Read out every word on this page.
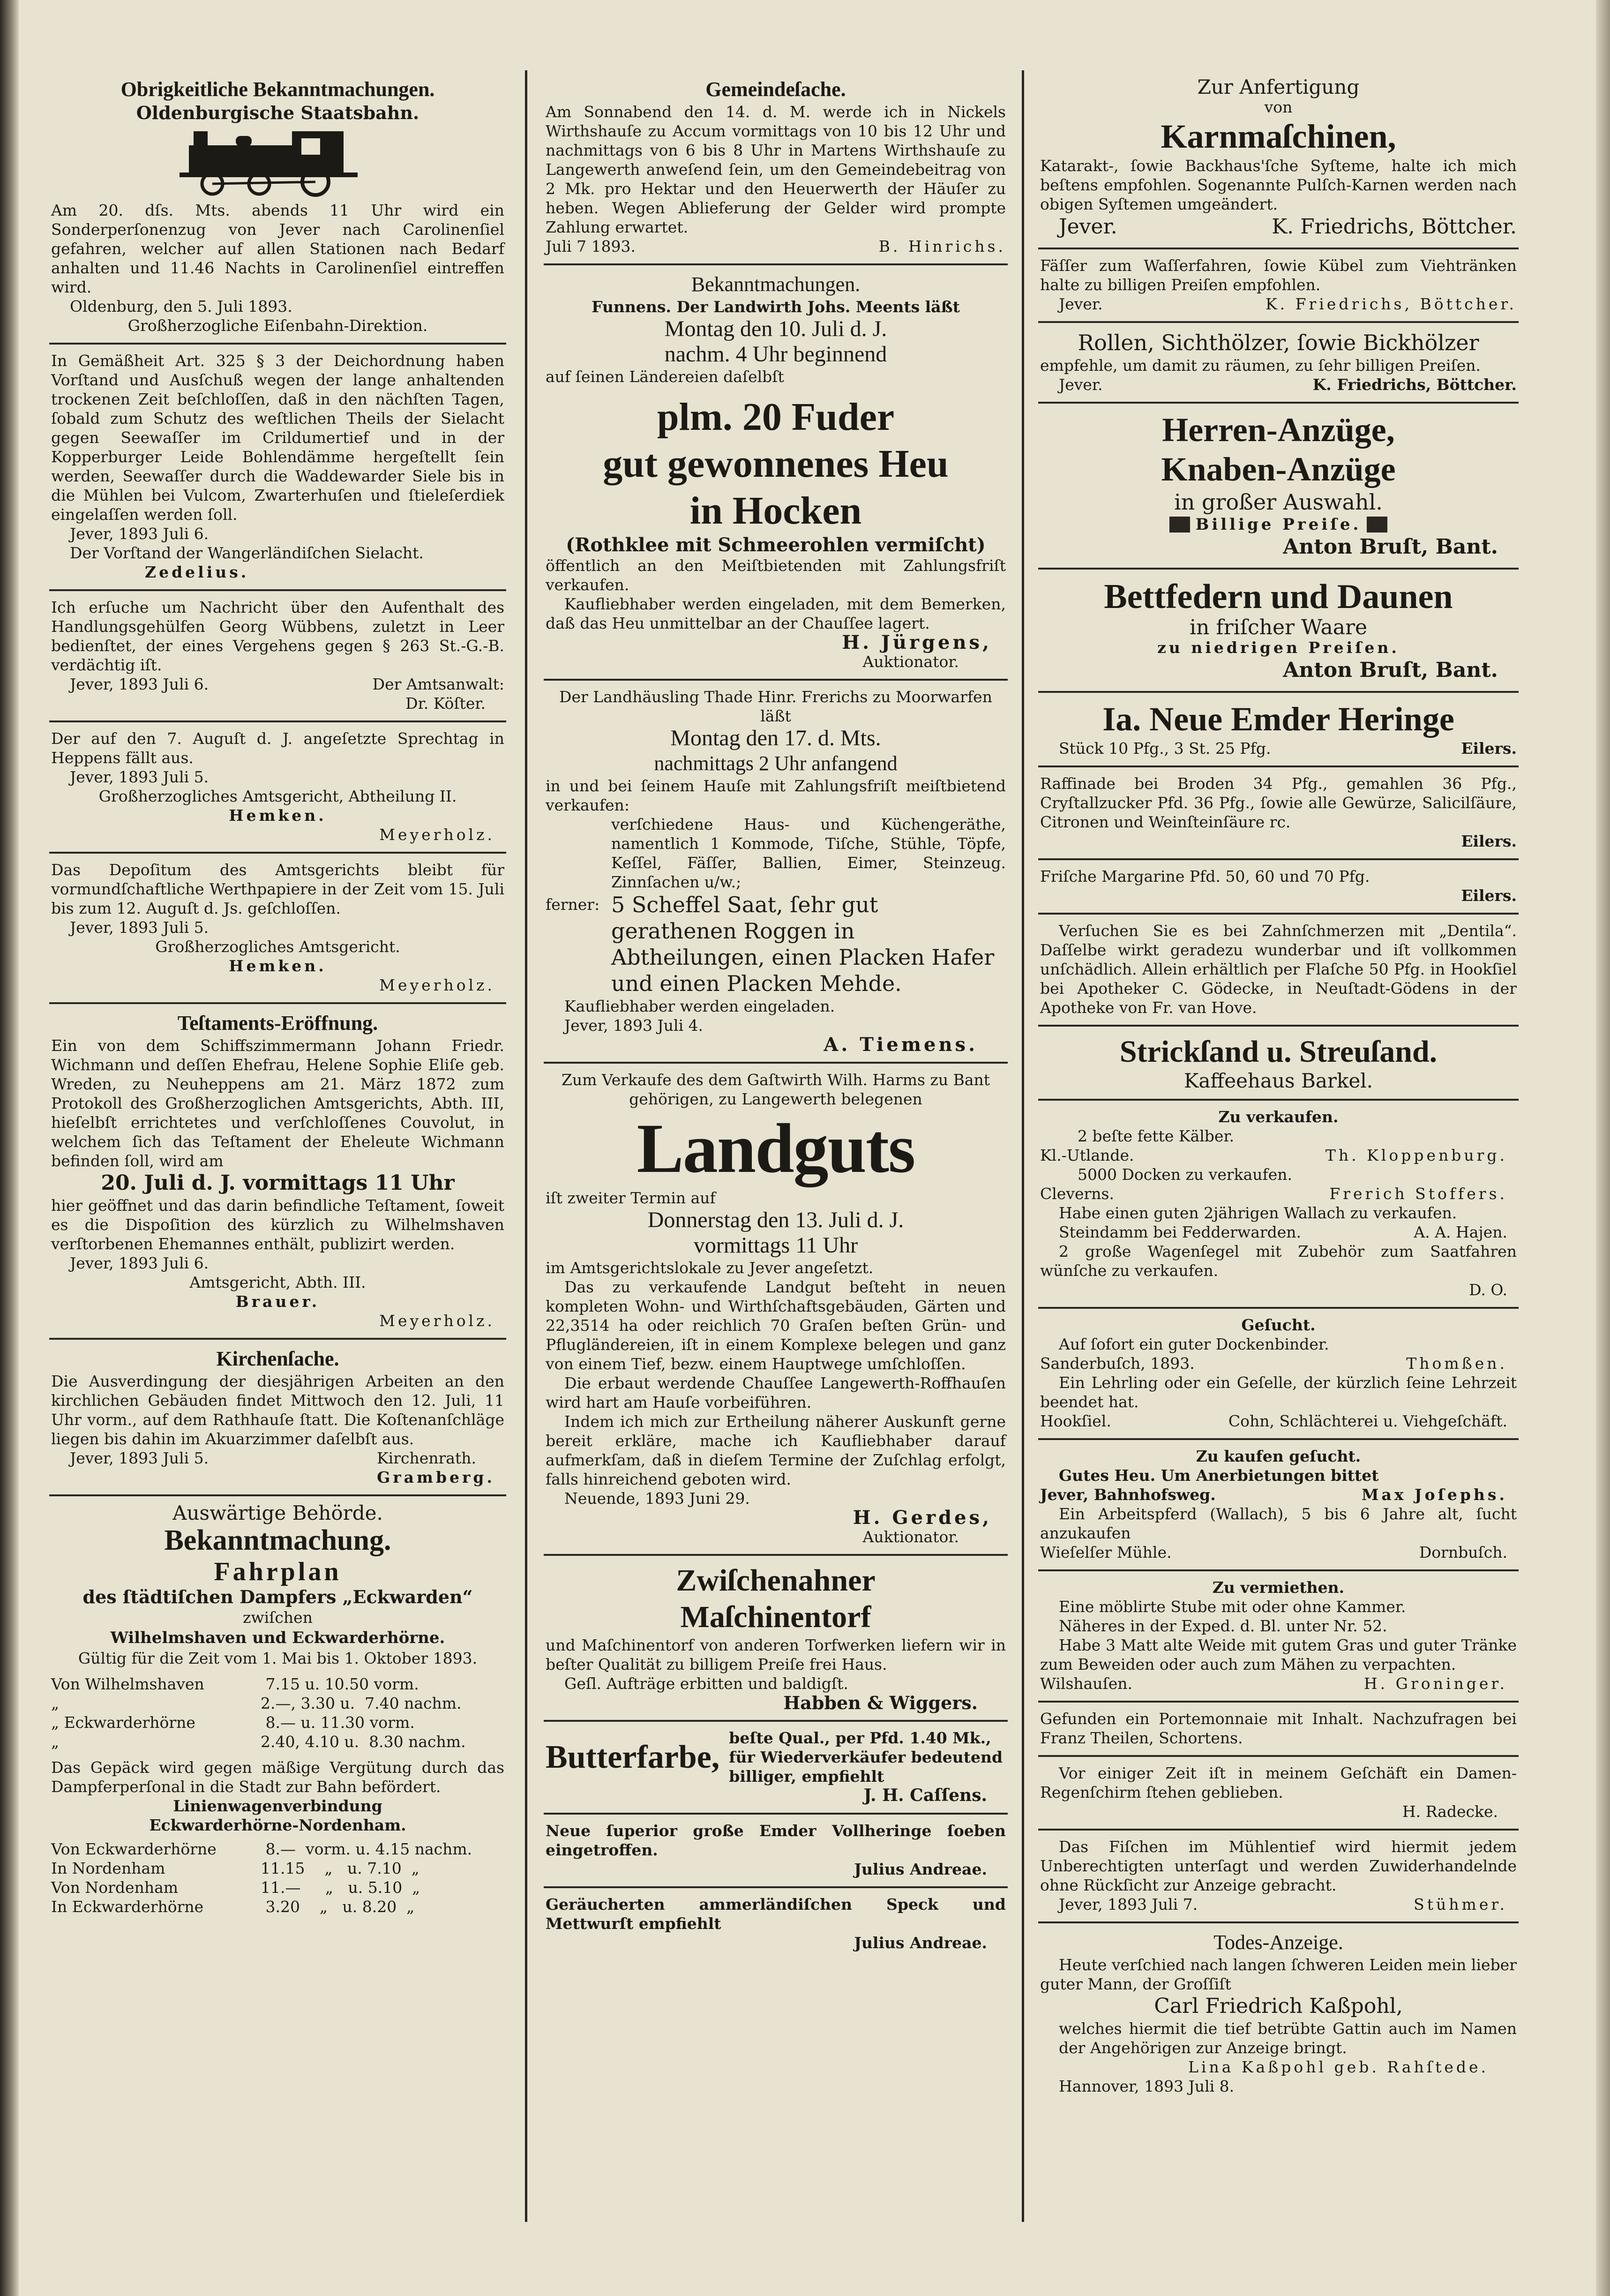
Obrigkeitliche Bekanntmachungen.
Oldenburgische Staatsbahn.

Am 20. dſs. Mts. abends 11 Uhr wird ein Sonderperſonenzug von Jever nach Carolinenſiel gefahren, welcher auf allen Stationen nach Bedarf anhalten und 11.46 Nachts in Carolinenſiel eintreffen wird.

Oldenburg, den 5. Juli 1893.

Großherzogliche Eiſenbahn-Direktion.

In Gemäßheit Art. 325 § 3 der Deichordnung haben Vorſtand und Ausſchuß wegen der lange anhaltenden trockenen Zeit beſchloſſen, daß in den nächſten Tagen, ſobald zum Schutz des weſtlichen Theils der Sielacht gegen Seewaſſer im Crildumertief und in der Kopperburger Leide Bohlendämme hergeſtellt ſein werden, Seewaſſer durch die Waddewarder Siele bis in die Mühlen bei Vulcom, Zwarterhuſen und ſtieleſerdiek eingelaſſen werden ſoll.

Jever, 1893 Juli 6.

Der Vorſtand der Wangerländiſchen Sielacht.

Zedelius.

Ich erſuche um Nachricht über den Aufenthalt des Handlungsgehülfen Georg Wübbens, zuletzt in Leer bedienſtet, der eines Vergehens gegen § 263 St.-G.-B. verdächtig iſt.

Jever, 1893 Juli 6.	Der Amtsanwalt:

Dr. Köſter.

Der auf den 7. Auguſt d. J. angeſetzte Sprechtag in Heppens fällt aus.

Jever, 1893 Juli 5.

Großherzogliches Amtsgericht, Abtheilung II.

Hemken.

Meyerholz.

Das Depoſitum des Amtsgerichts bleibt für vormundſchaftliche Werthpapiere in der Zeit vom 15. Juli bis zum 12. Auguſt d. Js. geſchloſſen.

Jever, 1893 Juli 5.

Großherzogliches Amtsgericht.

Hemken.

Meyerholz.

Teſtaments-Eröffnung.

Ein von dem Schiffszimmermann Johann Friedr. Wichmann und deſſen Ehefrau, Helene Sophie Eliſe geb. Wreden, zu Neuheppens am 21. März 1872 zum Protokoll des Großherzoglichen Amtsgerichts, Abth. III, hieſelbſt errichtetes und verſchloſſenes Couvolut, in welchem ſich das Teſtament der Eheleute Wichmann befinden ſoll, wird am

20. Juli d. J. vormittags 11 Uhr

hier geöffnet und das darin befindliche Teſtament, ſoweit es die Dispoſition des kürzlich zu Wilhelmshaven verſtorbenen Ehemannes enthält, publizirt werden.

Jever, 1893 Juli 6.

Amtsgericht, Abth. III.

Brauer.

Meyerholz.

Kirchenſache.

Die Ausverdingung der diesjährigen Arbeiten an den kirchlichen Gebäuden findet Mittwoch den 12. Juli, 11 Uhr vorm., auf dem Rathhauſe ſtatt. Die Koſtenanſchläge liegen bis dahin im Akuarzimmer daſelbſt aus.

Jever, 1893 Juli 5.	Kirchenrath.

Gramberg.

Auswärtige Behörde.
Bekanntmachung.
Fahrplan
des ſtädtiſchen Dampfers „Eckwarden“

zwiſchen

Wilhelmshaven und Eckwarderhörne.

Gültig für die Zeit vom 1. Mai bis 1. Oktober 1893.

Von Wilhelmshaven	7.15 u. 10.50 vorm.
„	2.—, 3.30 u.  7.40 nachm.
„ Eckwarderhörne	8.— u. 11.30 vorm.
„	2.40, 4.10 u.  8.30 nachm.

Das Gepäck wird gegen mäßige Vergütung durch das Dampferperſonal in die Stadt zur Bahn befördert.

Linienwagenverbindung

Eckwarderhörne-Nordenham.

Von Eckwarderhörne	8.—  vorm. u. 4.15 nachm.
In Nordenham	11.15    „   u. 7.10  „
Von Nordenham	11.—     „   u. 5.10  „
In Eckwarderhörne	3.20    „   u. 8.20  „
Gemeindeſache.

Am Sonnabend den 14. d. M. werde ich in Nickels Wirthshauſe zu Accum vormittags von 10 bis 12 Uhr und nachmittags von 6 bis 8 Uhr in Martens Wirthshauſe zu Langewerth anweſend ſein, um den Gemeindebeitrag von 2 Mk. pro Hektar und den Heuerwerth der Häuſer zu heben. Wegen Ablieferung der Gelder wird prompte Zahlung erwartet.

Juli 7 1893.	B. Hinrichs.
Bekanntmachungen.

Funnens. Der Landwirth Johs. Meents läßt

Montag den 10. Juli d. J.
nachm. 4 Uhr beginnend

auf ſeinen Ländereien daſelbſt

plm. 20 Fuder
gut gewonnenes Heu
in Hocken
(Rothklee mit Schmeerohlen vermiſcht)

öffentlich an den Meiſtbietenden mit Zahlungsfriſt verkaufen.

Kaufliebhaber werden eingeladen, mit dem Bemerken, daß das Heu unmittelbar an der Chauſſee lagert.

H. Jürgens,

Auktionator.

Der Landhäusling Thade Hinr. Frerichs zu Moorwarfen läßt

Montag den 17. d. Mts.
nachmittags 2 Uhr anfangend

in und bei ſeinem Hauſe mit Zahlungsfriſt meiſtbietend verkaufen:

verſchiedene Haus- und Küchengeräthe, namentlich 1 Kommode, Tiſche, Stühle, Töpfe, Keſſel, Fäſſer, Ballien, Eimer, Steinzeug. Zinnſachen u/w.;

ferner: 5 Scheffel Saat, ſehr gut gerathenen Roggen in Abtheilungen, einen Placken Hafer und einen Placken Mehde.

Kaufliebhaber werden eingeladen.

Jever, 1893 Juli 4.

A. Tiemens.

Zum Verkaufe des dem Gaſtwirth Wilh. Harms zu Bant gehörigen, zu Langewerth belegenen

Landguts

iſt zweiter Termin auf

Donnerstag den 13. Juli d. J.
vormittags 11 Uhr

im Amtsgerichtslokale zu Jever angeſetzt.

Das zu verkaufende Landgut beſteht in neuen kompleten Wohn- und Wirthſchaftsgebäuden, Gärten und 22,3514 ha oder reichlich 70 Graſen beſten Grün- und Pflugländereien, iſt in einem Komplexe belegen und ganz von einem Tief, bezw. einem Hauptwege umſchloſſen.

Die erbaut werdende Chauſſee Langewerth-Roffhauſen wird hart am Hauſe vorbeiführen.

Indem ich mich zur Ertheilung näherer Auskunft gerne bereit erkläre, mache ich Kaufliebhaber darauf aufmerkſam, daß in dieſem Termine der Zuſchlag erfolgt, falls hinreichend geboten wird.

Neuende, 1893 Juni 29.

H. Gerdes,

Auktionator.

Zwiſchenahner
Maſchinentorf

und Maſchinentorf von anderen Torfwerken liefern wir in beſter Qualität zu billigem Preiſe frei Haus.

Geſl. Aufträge erbitten und baldigſt.

Habben & Wiggers.

Butterfarbe,
beſte Qual., per Pfd. 1.40 Mk., für Wiederverkäufer bedeutend billiger, empfiehlt

J. H. Caſſens.

Neue ſuperior große Emder Vollheringe ſoeben eingetroffen.

Julius Andreae.

Geräucherten ammerländiſchen Speck und Mettwurſt empfiehlt

Julius Andreae.

Zur Anfertigung

von

Karnmaſchinen,

Katarakt-, ſowie Backhaus'ſche Syſteme, halte ich mich beſtens empfohlen. Sogenannte Pulſch-Karnen werden nach obigen Syſtemen umgeändert.

Jever.	K. Friedrichs, Böttcher.

Fäſſer zum Waſſerfahren, ſowie Kübel zum Viehtränken halte zu billigen Preiſen empfohlen.

Jever.	K. Friedrichs, Böttcher.
Rollen, Sichthölzer, ſowie Bickhölzer

empfehle, um damit zu räumen, zu ſehr billigen Preiſen.

Jever.	K. Friedrichs, Böttcher.
Herren-Anzüge,
Knaben-Anzüge
in großer Auswahl.
Billige Preiſe.

Anton Bruſt, Bant.

Bettfedern und Daunen
in friſcher Waare

zu niedrigen Preiſen.

Anton Bruſt, Bant.

Ia. Neue Emder Heringe
Stück 10 Pfg., 3 St. 25 Pfg.	Eilers.

Raffinade bei Broden 34 Pfg., gemahlen 36 Pfg., Cryſtallzucker Pfd. 36 Pfg., ſowie alle Gewürze, Salicilſäure, Citronen und Weinſteinſäure rc.

Eilers.

Friſche Margarine Pfd. 50, 60 und 70 Pfg.

Eilers.

Verſuchen Sie es bei Zahnſchmerzen mit „Dentila“. Daſſelbe wirkt geradezu wunderbar und iſt vollkommen unſchädlich. Allein erhältlich per Flaſche 50 Pfg. in Hookſiel bei Apotheker C. Gödecke, in Neuſtadt-Gödens in der Apotheke von Fr. van Hove.

Strickſand u. Streuſand.
Kaffeehaus Barkel.

Zu verkaufen.

2 beſte fette Kälber.

Kl.-Utlande.	Th. Kloppenburg.

5000 Docken zu verkaufen.

Cleverns.	Frerich Stoffers.

Habe einen guten 2jährigen Wallach zu verkaufen.

Steindamm bei Fedderwarden.	A. A. Hajen.

2 große Wagenſegel mit Zubehör zum Saatfahren wünſche zu verkaufen.

D. O.

Geſucht.

Auf ſofort ein guter Dockenbinder.

Sanderbuſch, 1893.	Thomßen.

Ein Lehrling oder ein Geſelle, der kürzlich ſeine Lehrzeit beendet hat.

Hookſiel.	Cohn, Schlächterei u. Viehgeſchäft.

Zu kaufen geſucht.

Gutes Heu. Um Anerbietungen bittet

Jever, Bahnhofsweg.	Max Joſephs.

Ein Arbeitspferd (Wallach), 5 bis 6 Jahre alt, ſucht anzukaufen

Wieſelſer Mühle.	Dornbuſch.

Zu vermiethen.

Eine möblirte Stube mit oder ohne Kammer.

Näheres in der Exped. d. Bl. unter Nr. 52.

Habe 3 Matt alte Weide mit gutem Gras und guter Tränke zum Beweiden oder auch zum Mähen zu verpachten.

Wilshauſen.	H. Groninger.

Gefunden ein Portemonnaie mit Inhalt. Nachzufragen bei Franz Theilen, Schortens.

Vor einiger Zeit iſt in meinem Geſchäft ein Damen-Regenſchirm ſtehen geblieben.

H. Radecke.

Das Fiſchen im Mühlentief wird hiermit jedem Unberechtigten unterſagt und werden Zuwiderhandelnde ohne Rückſicht zur Anzeige gebracht.

Jever, 1893 Juli 7.	Stühmer.
Todes-Anzeige.

Heute verſchied nach langen ſchweren Leiden mein lieber guter Mann, der Groſſiſt

Carl Friedrich Kaßpohl,

welches hiermit die tief betrübte Gattin auch im Namen der Angehörigen zur Anzeige bringt.

Lina Kaßpohl geb. Rahſtede.

Hannover, 1893 Juli 8.
